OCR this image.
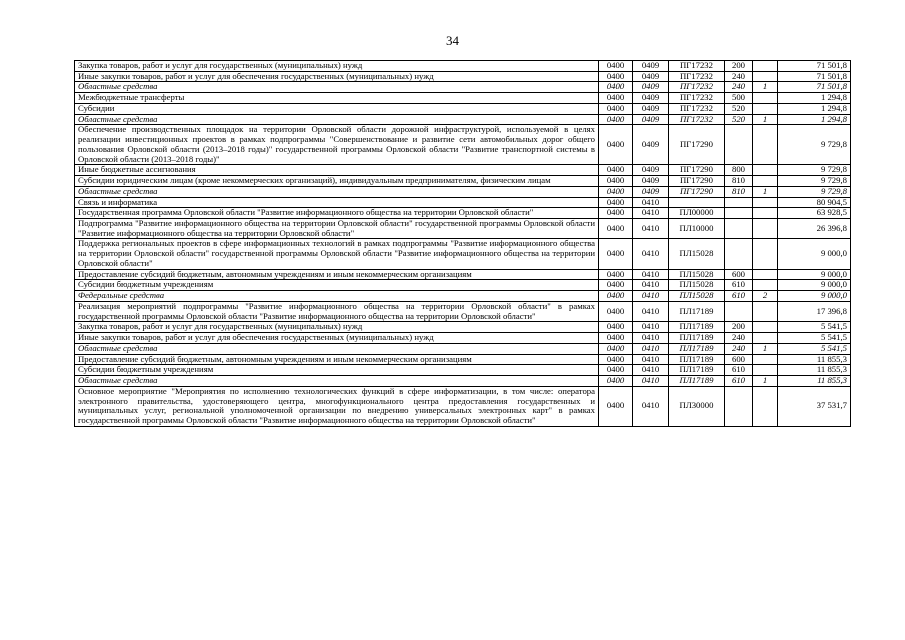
34
Закупка товаров, работ и услуг для государственных (муниципальных) нужд	0400	0409	ПГ17232	200		71 501,8
Иные закупки товаров, работ и услуг для обеспечения государственных (муниципальных) нужд	0400	0409	ПГ17232	240		71 501,8
Областные средства	0400	0409	ПГ17232	240	1	71 501,8
Межбюджетные трансферты	0400	0409	ПГ17232	500		1 294,8
Субсидии	0400	0409	ПГ17232	520		1 294,8
Областные средства	0400	0409	ПГ17232	520	1	1 294,8
Обеспечение производственных площадок на территории Орловской области дорожной инфраструктурой, используемой в целях реализации инвестиционных проектов в рамках подпрограммы "Совершенствование и развитие сети автомобильных дорог общего пользования Орловской области (2013–2018 годы)" государственной программы Орловской области "Развитие транспортной системы в Орловской области (2013–2018 годы)"	0400	0409	ПГ17290			9 729,8
Иные бюджетные ассигнования	0400	0409	ПГ17290	800		9 729,8
Субсидии юридическим лицам (кроме некоммерческих организаций), индивидуальным предпринимателям, физическим лицам	0400	0409	ПГ17290	810		9 729,8
Областные средства	0400	0409	ПГ17290	810	1	9 729,8
Связь и информатика	0400	0410				80 904,5
Государственная программа Орловской области "Развитие информационного общества на территории Орловской области"	0400	0410	ПЛ00000			63 928,5
Подпрограмма "Развитие информационного общества на территории Орловской области" государственной программы Орловской области "Развитие информационного общества на территории Орловской области"	0400	0410	ПЛ10000			26 396,8
Поддержка региональных проектов в сфере информационных технологий в рамках подпрограммы "Развитие информационного общества на территории Орловской области" государственной программы Орловской области "Развитие информационного общества на территории Орловской области"	0400	0410	ПЛ15028			9 000,0
Предоставление субсидий бюджетным, автономным учреждениям и иным некоммерческим организациям	0400	0410	ПЛ15028	600		9 000,0
Субсидии бюджетным учреждениям	0400	0410	ПЛ15028	610		9 000,0
Федеральные средства	0400	0410	ПЛ15028	610	2	9 000,0
Реализация мероприятий подпрограммы "Развитие информационного общества на территории Орловской области" в рамках государственной программы Орловской области "Развитие информационного общества на территории Орловской области"	0400	0410	ПЛ17189			17 396,8
Закупка товаров, работ и услуг для государственных (муниципальных) нужд	0400	0410	ПЛ17189	200		5 541,5
Иные закупки товаров, работ и услуг для обеспечения государственных (муниципальных) нужд	0400	0410	ПЛ17189	240		5 541,5
Областные средства	0400	0410	ПЛ17189	240	1	5 541,5
Предоставление субсидий бюджетным, автономным учреждениям и иным некоммерческим организациям	0400	0410	ПЛ17189	600		11 855,3
Субсидии бюджетным учреждениям	0400	0410	ПЛ17189	610		11 855,3
Областные средства	0400	0410	ПЛ17189	610	1	11 855,3
Основное мероприятие "Мероприятия по исполнению технологических функций в сфере информатизации, в том числе: оператора электронного правительства, удостоверяющего центра, многофункционального центра предоставления государственных и муниципальных услуг, региональной уполномоченной организации по внедрению универсальных электронных карт" в рамках государственной программы Орловской области "Развитие информационного общества на территории Орловской области"	0400	0410	ПЛ30000			37 531,7
